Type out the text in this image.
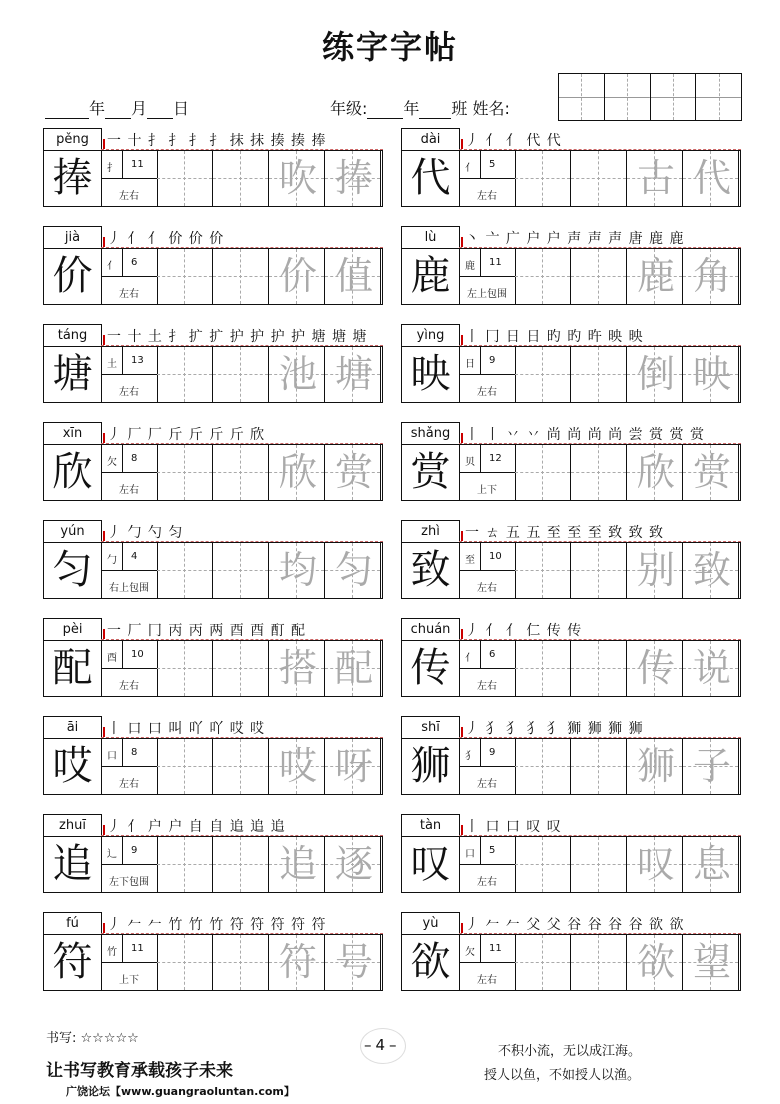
练字字帖
年 月 日	年级: 年 班 姓名:
pěng	一 十 扌 扌 扌 扌 抹 抹 揍 揍 捧
捧	扌 11
左右	吹 捧
dài	丿 亻 亻 代 代
代	亻 5
左右	古 代
jià	丿 亻 亻 价 价 价
价	亻 6
左右	价 值
lù	丶 亠 广 户 户 声 声 声 唐 鹿 鹿
鹿	鹿 11
左上包围	鹿 角
táng	一 十 土 扌 扩 扩 护 护 护 护 塘 塘 塘
塘	土 13
左右	池 塘
yìng	丨 冂 日 日 旳 旳 旿 映 映
映	日 9
左右	倒 映
xīn	丿 厂 厂 斤 斤 斤 斤 欣
欣	欠 8
左右	欣 赏
shǎng	丨 丨 丷 丷 尚 尚 尚 尚 尝 赏 赏 赏
赏	贝 12
上下	欣 赏
yún	丿 勹 勺 匀
匀	勹 4
右上包围	均 匀
zhì	一 ㄊ 五 五 至 至 至 致 致 致
致	至 10
左右	别 致
pèi	一 厂 冂 丙 丙 两 酉 酉 酊 配
配	酉 10
左右	搭 配
chuán	丿 亻 亻 仁 传 传
传	亻 6
左右	传 说
āi	丨 口 口 叫 吖 吖 哎 哎
哎	口 8
左右	哎 呀
shī	丿 犭 犭 犭 犭 狮 狮 狮 狮
狮	犭 9
左右	狮 子
zhuī	丿 亻 户 户 自 自 追 追 追
追	辶 9
左下包围	追 逐
tàn	丨 口 口 叹 叹
叹	口 5
左右	叹 息
fú	丿 𠂉 𠂉 竹 竹 竹 符 符 符 符 符
符	竹 11
上下	符 号
yù	丿 𠂉 𠂉 父 父 谷 谷 谷 谷 欲 欲
欲	欠 11
左右	欲 望
书写: ☆☆☆☆☆
让书写教育承载孩子未来
广饶论坛【www.guangraoluntan.com】
– 4 –	不积小流，无以成江海。
授人以鱼，不如授人以渔。
